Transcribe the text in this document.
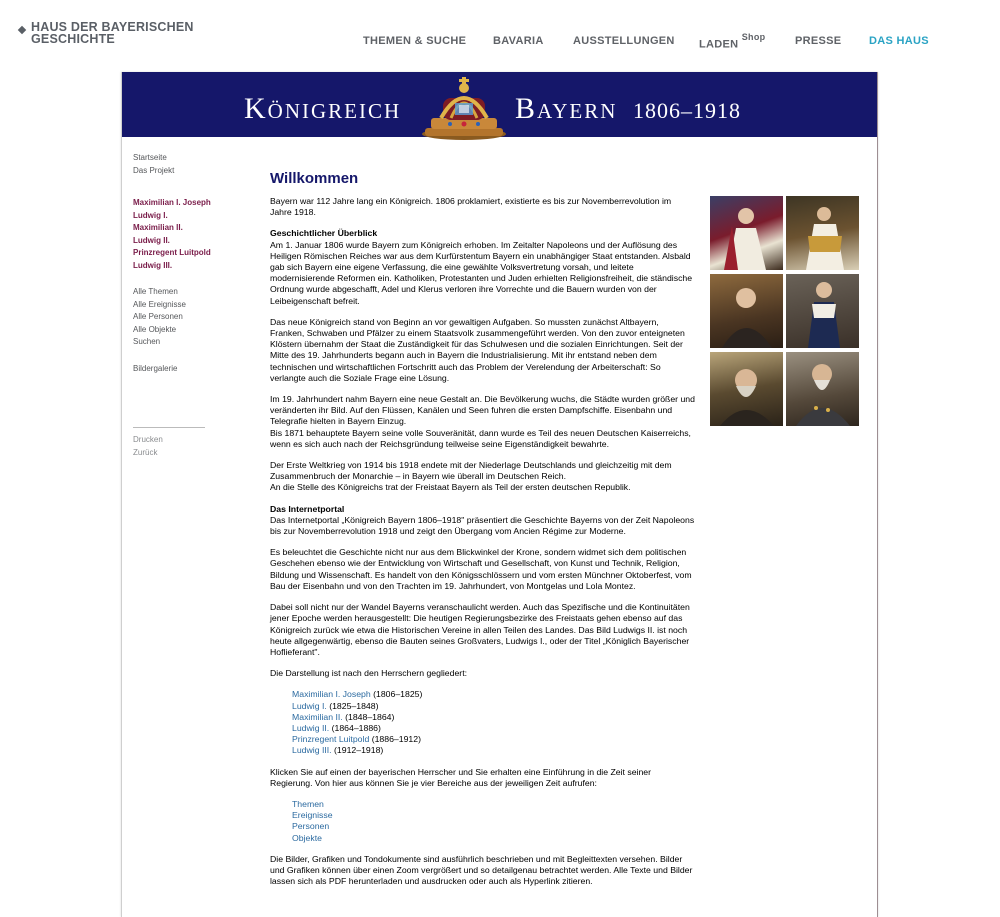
HAUS DER BAYERISCHEN
GESCHICHTE	THEMEN & SUCHE BAVARIA	AUSSTELLUNGEN LADEN $^{Shop}$	PRESSE	DAS HAUS
Königreich	Bayern 1806–1918
Startseite
Das Projekt
Maximilian I. Joseph
Ludwig I.
Maximilian II.
Ludwig II.
Prinzregent Luitpold
Ludwig III.
Alle Themen
Alle Ereignisse
Alle Personen
Alle Objekte
Suchen
Bildergalerie
Drucken
Zurück
Willkommen

Bayern war 112 Jahre lang ein Königreich. 1806 proklamiert, existierte es bis zur Novemberrevolution im Jahre 1918.

Geschichtlicher Überblick
Am 1. Januar 1806 wurde Bayern zum Königreich erhoben. Im Zeitalter Napoleons und der Auflösung des Heiligen Römischen Reiches war aus dem Kurfürstentum Bayern ein unabhängiger Staat entstanden. Alsbald gab sich Bayern eine eigene Verfassung, die eine gewählte Volksvertretung vorsah, und leitete modernisierende Reformen ein. Katholiken, Protestanten und Juden erhielten Religionsfreiheit, die ständische Ordnung wurde abgeschafft, Adel und Klerus verloren ihre Vorrechte und die Bauern wurden von der Leibeigenschaft befreit.

Das neue Königreich stand von Beginn an vor gewaltigen Aufgaben. So mussten zunächst Altbayern, Franken, Schwaben und Pfälzer zu einem Staatsvolk zusammengeführt werden. Von den zuvor enteigneten Klöstern übernahm der Staat die Zuständigkeit für das Schulwesen und die sozialen Einrichtungen. Seit der Mitte des 19. Jahrhunderts begann auch in Bayern die Industrialisierung. Mit ihr entstand neben dem technischen und wirtschaftlichen Fortschritt auch das Problem der Verelendung der Arbeiterschaft: So verlangte auch die Soziale Frage eine Lösung.

Im 19. Jahrhundert nahm Bayern eine neue Gestalt an. Die Bevölkerung wuchs, die Städte wurden größer und veränderten ihr Bild. Auf den Flüssen, Kanälen und Seen fuhren die ersten Dampfschiffe. Eisenbahn und Telegrafie hielten in Bayern Einzug.
Bis 1871 behauptete Bayern seine volle Souveränität, dann wurde es Teil des neuen Deutschen Kaiserreichs, wenn es sich auch nach der Reichsgründung teilweise seine Eigenständigkeit bewahrte.

Der Erste Weltkrieg von 1914 bis 1918 endete mit der Niederlage Deutschlands und gleichzeitig mit dem Zusammenbruch der Monarchie – in Bayern wie überall im Deutschen Reich.
An die Stelle des Königreichs trat der Freistaat Bayern als Teil der ersten deutschen Republik.

Das Internetportal
Das Internetportal „Königreich Bayern 1806–1918" präsentiert die Geschichte Bayerns von der Zeit Napoleons bis zur Novemberrevolution 1918 und zeigt den Übergang vom Ancien Régime zur Moderne.

Es beleuchtet die Geschichte nicht nur aus dem Blickwinkel der Krone, sondern widmet sich dem politischen Geschehen ebenso wie der Entwicklung von Wirtschaft und Gesellschaft, von Kunst und Technik, Religion, Bildung und Wissenschaft. Es handelt von den Königsschlössern und vom ersten Münchner Oktoberfest, vom Bau der Eisenbahn und von den Trachten im 19. Jahrhundert, von Montgelas und Lola Montez.

Dabei soll nicht nur der Wandel Bayerns veranschaulicht werden. Auch das Spezifische und die Kontinuitäten jener Epoche werden herausgestellt: Die heutigen Regierungsbezirke des Freistaats gehen ebenso auf das Königreich zurück wie etwa die Historischen Vereine in allen Teilen des Landes. Das Bild Ludwigs II. ist noch heute allgegenwärtig, ebenso die Bauten seines Großvaters, Ludwigs I., oder der Titel „Königlich Bayerischer Hoflieferant".

Die Darstellung ist nach den Herrschern gegliedert:

Maximilian I. Joseph (1806–1825)
Ludwig I. (1825–1848)
Maximilian II. (1848–1864)
Ludwig II. (1864–1886)
Prinzregent Luitpold (1886–1912)
Ludwig III. (1912–1918)

Klicken Sie auf einen der bayerischen Herrscher und Sie erhalten eine Einführung in die Zeit seiner Regierung. Von hier aus können Sie je vier Bereiche aus der jeweiligen Zeit aufrufen:

Themen
Ereignisse
Personen
Objekte

Die Bilder, Grafiken und Tondokumente sind ausführlich beschrieben und mit Begleittexten versehen. Bilder und Grafiken können über einen Zoom vergrößert und so detailgenau betrachtet werden. Alle Texte und Bilder lassen sich als PDF herunterladen und ausdrucken oder auch als Hyperlink zitieren.
